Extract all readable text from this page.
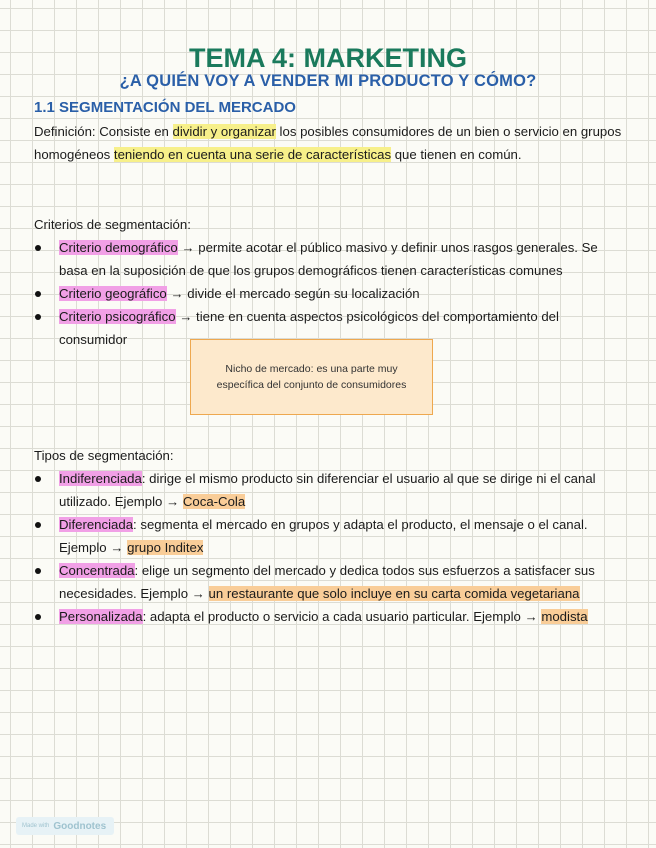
TEMA 4: MARKETING
¿A QUIÉN VOY A VENDER MI PRODUCTO Y CÓMO?
1.1 SEGMENTACIÓN DEL MERCADO

Definición: Consiste en dividir y organizar los posibles consumidores de un bien o servicio en grupos homogéneos teniendo en cuenta una serie de características que tienen en común.

Criterios de segmentación:

Criterio demográfico → permite acotar el público masivo y definir unos rasgos generales. Se basa en la suposición de que los grupos demográficos tienen características comunes
Criterio geográfico → divide el mercado según su localización
Criterio psicográfico → tiene en cuenta aspectos psicológicos del comportamiento del consumidor
Nicho de mercado: es una parte muy específica del conjunto de consumidores

Tipos de segmentación:

Indiferenciada: dirige el mismo producto sin diferenciar el usuario al que se dirige ni el canal utilizado. Ejemplo → Coca-Cola
Diferenciada: segmenta el mercado en grupos y adapta el producto, el mensaje o el canal. Ejemplo → grupo Inditex
Concentrada: elige un segmento del mercado y dedica todos sus esfuerzos a satisfacer sus necesidades. Ejemplo → un restaurante que solo incluye en su carta comida vegetariana
Personalizada: adapta el producto o servicio a cada usuario particular. Ejemplo → modista
Made with Goodnotes
